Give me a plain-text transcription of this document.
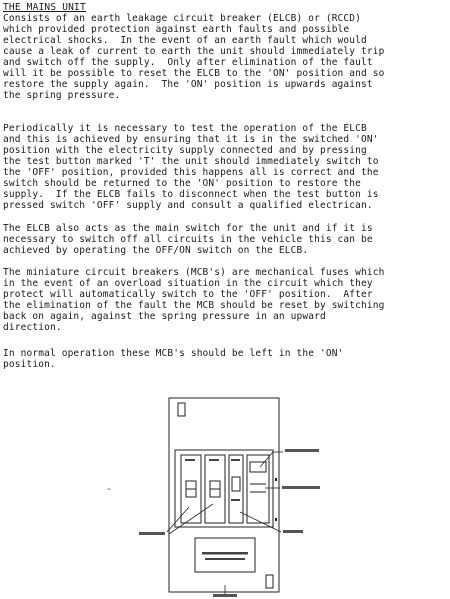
THE MAINS UNIT
Consists of an earth leakage circuit breaker (ELCB) or (RCCD)
which provided protection against earth faults and possible
electrical shocks.  In the event of an earth fault which would
cause a leak of current to earth the unit should immediately trip
and switch off the supply.  Only after elimination of the fault
will it be possible to reset the ELCB to the 'ON' position and so
restore the supply again.  The 'ON' position is upwards against
the spring pressure.
Periodically it is necessary to test the operation of the ELCB
and this is achieved by ensuring that it is in the switched 'ON'
position with the electricity supply connected and by pressing
the test button marked 'T' the unit should immediately switch to
the 'OFF' position, provided this happens all is correct and the
switch should be returned to the 'ON' position to restore the
supply.  If the ELCB fails to disconnect when the test button is
pressed switch 'OFF' supply and consult a qualified electrican.
The ELCB also acts as the main switch for the unit and if it is
necessary to switch off all circuits in the vehicle this can be
achieved by operating the OFF/ON switch on the ELCB.
The miniature circuit breakers (MCB's) are mechanical fuses which
in the event of an overload situation in the circuit which they
protect will automatically switch to the 'OFF' position.  After
the elimination of the fault the MCB should be reset by switching
back on again, against the spring pressure in an upward
direction.
In normal operation these MCB's should be left in the 'ON'
position.
-
